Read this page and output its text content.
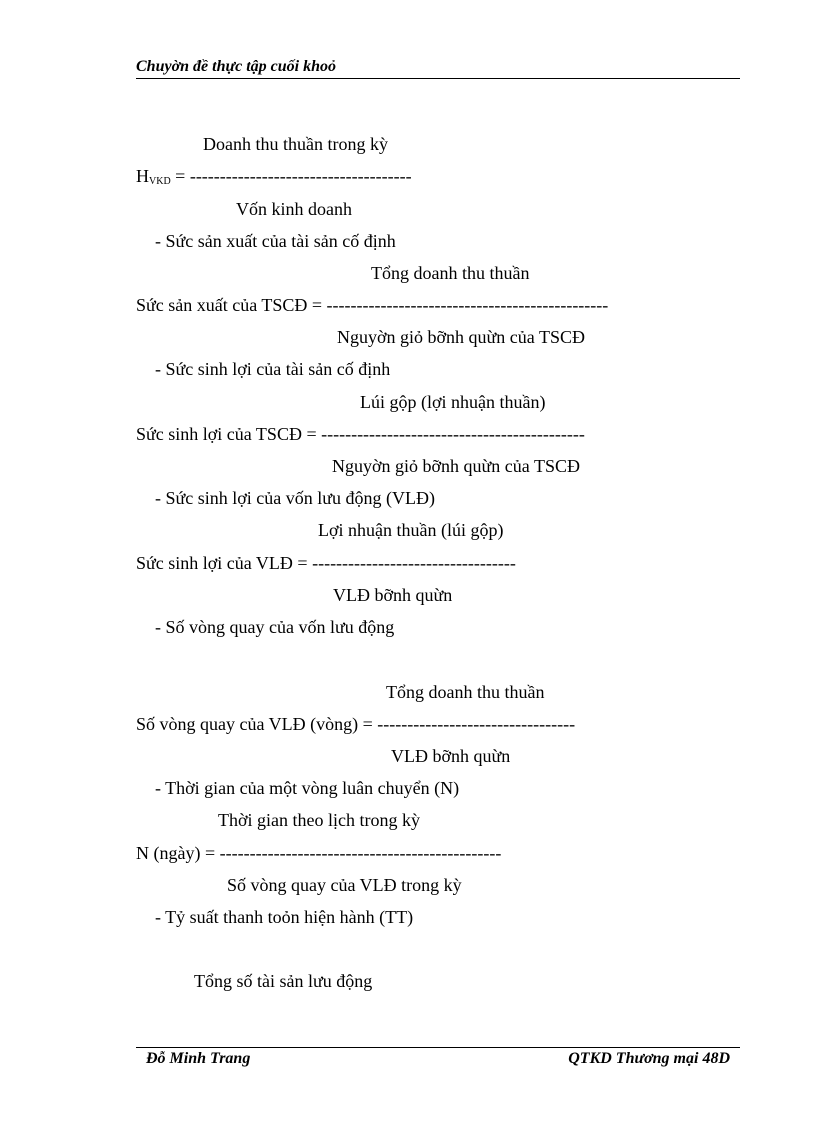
Chuyờn đề thực tập cuối khoỏ
Doanh thu thuần trong kỳ
$H_{VKD}$ = -------------------------------------
Vốn kinh doanh
- Sức sản xuất của tài sản cố định
Tổng doanh thu thuần
Sức sản xuất của TSCĐ = -----------------------------------------------
Nguyờn giỏ bỡnh quừn của TSCĐ
- Sức sinh lợi của tài sản cố định
Lúi gộp (lợi nhuận thuần)
Sức sinh lợi của TSCĐ = --------------------------------------------
Nguyờn giỏ bỡnh quừn của TSCĐ
- Sức sinh lợi của vốn lưu động (VLĐ)
Lợi nhuận thuần (lúi gộp)
Sức sinh lợi của VLĐ = ----------------------------------
VLĐ bỡnh quừn
- Số vòng quay của vốn lưu động
Tổng doanh thu thuần
Số vòng quay của VLĐ (vòng) = ---------------------------------
VLĐ bỡnh quừn
- Thời gian của một vòng luân chuyển (N)
Thời gian theo lịch trong kỳ
N (ngày) = -----------------------------------------------
Số vòng quay của VLĐ trong kỳ
- Tỷ suất thanh toỏn hiện hành (TT)
Tổng số tài sản lưu động
Đỗ Minh Trang	QTKD Thương mại 48D
